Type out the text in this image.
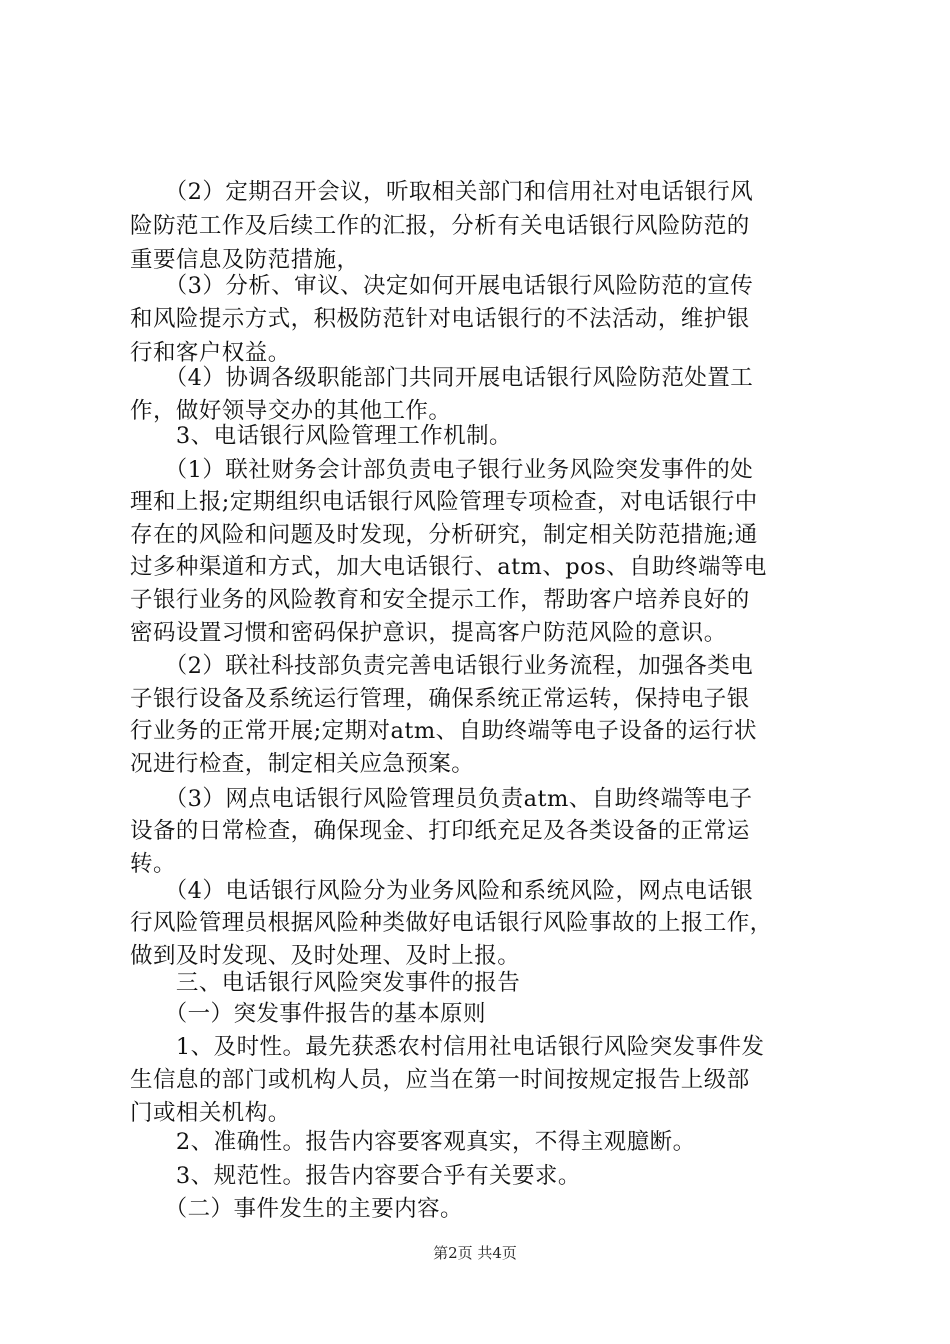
　　（2）定期召开会议，听取相关部门和信用社对电话银行风
险防范工作及后续工作的汇报，分析有关电话银行风险防范的
重要信息及防范措施，
　　（3）分析、审议、决定如何开展电话银行风险防范的宣传
和风险提示方式，积极防范针对电话银行的不法活动，维护银
行和客户权益。
　　（4）协调各级职能部门共同开展电话银行风险防范处置工
作，做好领导交办的其他工作。
　　3、电话银行风险管理工作机制。
　　（1）联社财务会计部负责电子银行业务风险突发事件的处
理和上报;定期组织电话银行风险管理专项检查，对电话银行中
存在的风险和问题及时发现，分析研究，制定相关防范措施;通
过多种渠道和方式，加大电话银行、atm、pos、自助终端等电
子银行业务的风险教育和安全提示工作，帮助客户培养良好的
密码设置习惯和密码保护意识，提高客户防范风险的意识。
　　（2）联社科技部负责完善电话银行业务流程，加强各类电
子银行设备及系统运行管理，确保系统正常运转，保持电子银
行业务的正常开展;定期对atm、自助终端等电子设备的运行状
况进行检查，制定相关应急预案。
　　（3）网点电话银行风险管理员负责atm、自助终端等电子
设备的日常检查，确保现金、打印纸充足及各类设备的正常运
转。
　　（4）电话银行风险分为业务风险和系统风险，网点电话银
行风险管理员根据风险种类做好电话银行风险事故的上报工作，
做到及时发现、及时处理、及时上报。
　　三、电话银行风险突发事件的报告
　　（一）突发事件报告的基本原则
　　1、及时性。最先获悉农村信用社电话银行风险突发事件发
生信息的部门或机构人员，应当在第一时间按规定报告上级部
门或相关机构。
　　2、准确性。报告内容要客观真实，不得主观臆断。
　　3、规范性。报告内容要合乎有关要求。
　　（二）事件发生的主要内容。
第2页 共4页
